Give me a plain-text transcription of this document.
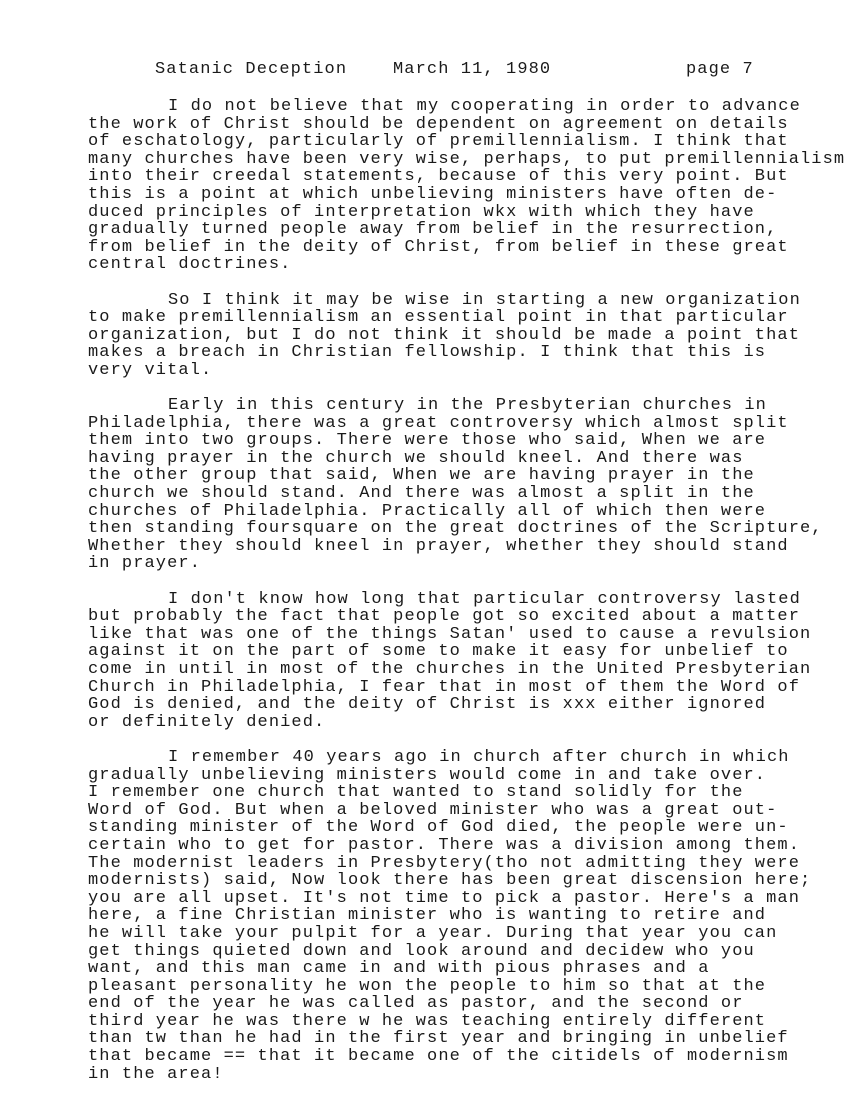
Satanic Deception	March 11, 1980	page 7
I do not believe that my cooperating in order to advance
the work of Christ should be dependent on agreement on details
of eschatology, particularly of premillennialism. I think that
many churches have been very wise, perhaps, to put premillennialism
into their creedal statements, because of this very point. But
this is a point at which unbelieving ministers have often de-
duced principles of interpretation wkx with which they have
gradually turned people away from belief in the resurrection,
from belief in the deity of Christ, from belief in these great
central doctrines.
So I think it may be wise in starting a new organization
to make premillennialism an essential point in that particular
organization, but I do not think it should be made a point that
makes a breach in Christian fellowship. I think that this is
very vital.
Early in this century in the Presbyterian churches in
Philadelphia, there was a great controversy which almost split
them into two groups. There were those who said, When we are
having prayer in the church we should kneel. And there was
the other group that said, When we are having prayer in the
church we should stand. And there was almost a split in the
churches of Philadelphia. Practically all of which then were
then standing foursquare on the great doctrines of the Scripture,
Whether they should kneel in prayer, whether they should stand
in prayer.
I don't know how long that particular controversy lasted
but probably the fact that people got so excited about a matter
like that was one of the things Satan' used to cause a revulsion
against it on the part of some to make it easy for unbelief to
come in until in most of the churches in the United Presbyterian
Church in Philadelphia, I fear that in most of them the Word of
God is denied, and the deity of Christ is xxx either ignored
or definitely denied.
I remember 40 years ago in church after church in which
gradually unbelieving ministers would come in and take over.
I remember one church that wanted to stand solidly for the
Word of God. But when a beloved minister who was a great out-
standing minister of the Word of God died, the people were un-
certain who to get for pastor. There was a division among them.
The modernist leaders in Presbytery(tho not admitting they were
modernists) said, Now look there has been great discension here;
you are all upset. It's not time to pick a pastor. Here's a man
here, a fine Christian minister who is wanting to retire and
he will take your pulpit for a year. During that year you can
get things quieted down and look around and decidew who you
want, and this man came in and with pious phrases and a
pleasant personality he won the people to him so that at the
end of the year he was called as pastor, and the second or
third year he was there w he was teaching entirely different
than tw than he had in the first year and bringing in unbelief
that became == that it became one of the citidels of modernism
in the area!
